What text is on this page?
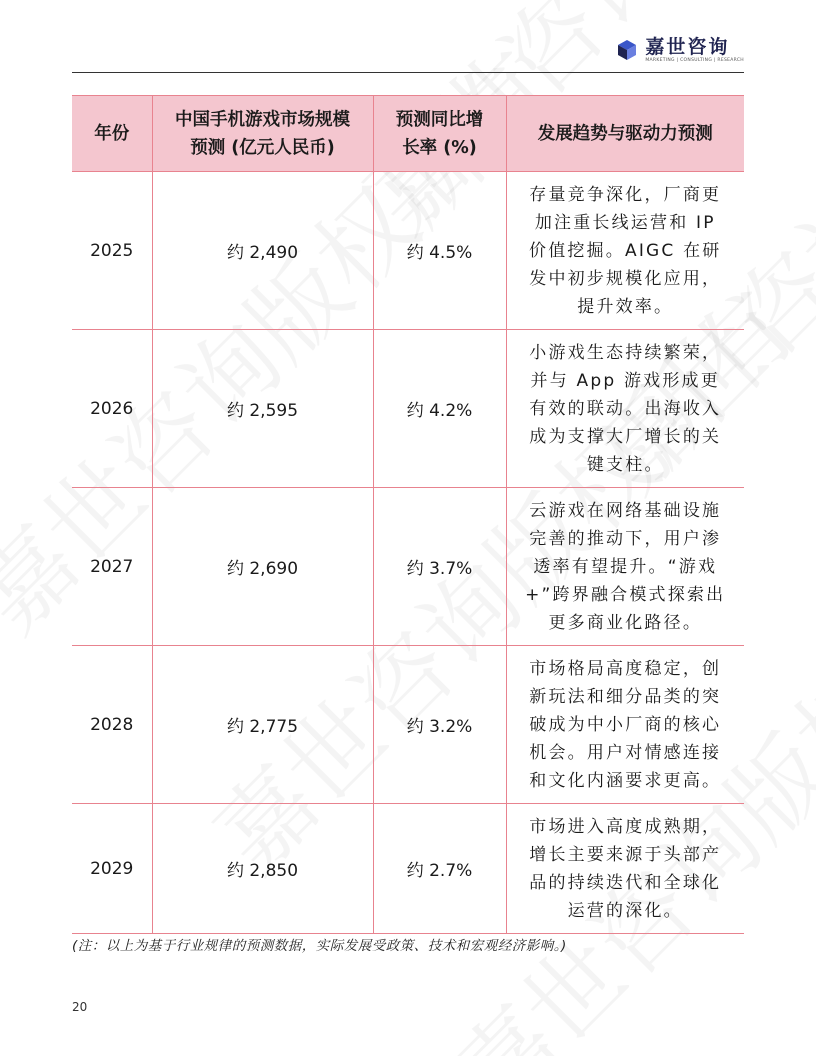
嘉世咨询
MARKETING | CONSULTING | RESEARCH
年份	中国手机游戏市场规模预测 (亿元人民币)	预测同比增长率 (%)	发展趋势与驱动力预测
2025	约 2,490	约 4.5%	存量竞争深化，厂商更加注重长线运营和 IP 价值挖掘。AIGC 在研发中初步规模化应用，提升效率。
2026	约 2,595	约 4.2%	小游戏生态持续繁荣，并与 App 游戏形成更有效的联动。出海收入成为支撑大厂增长的关键支柱。
2027	约 2,690	约 3.7%	云游戏在网络基础设施完善的推动下，用户渗透率有望提升。“游戏+”跨界融合模式探索出更多商业化路径。
2028	约 2,775	约 3.2%	市场格局高度稳定，创新玩法和细分品类的突破成为中小厂商的核心机会。用户对情感连接和文化内涵要求更高。
2029	约 2,850	约 2.7%	市场进入高度成熟期，增长主要来源于头部产品的持续迭代和全球化运营的深化。
(注：以上为基于行业规律的预测数据，实际发展受政策、技术和宏观经济影响。)
20
